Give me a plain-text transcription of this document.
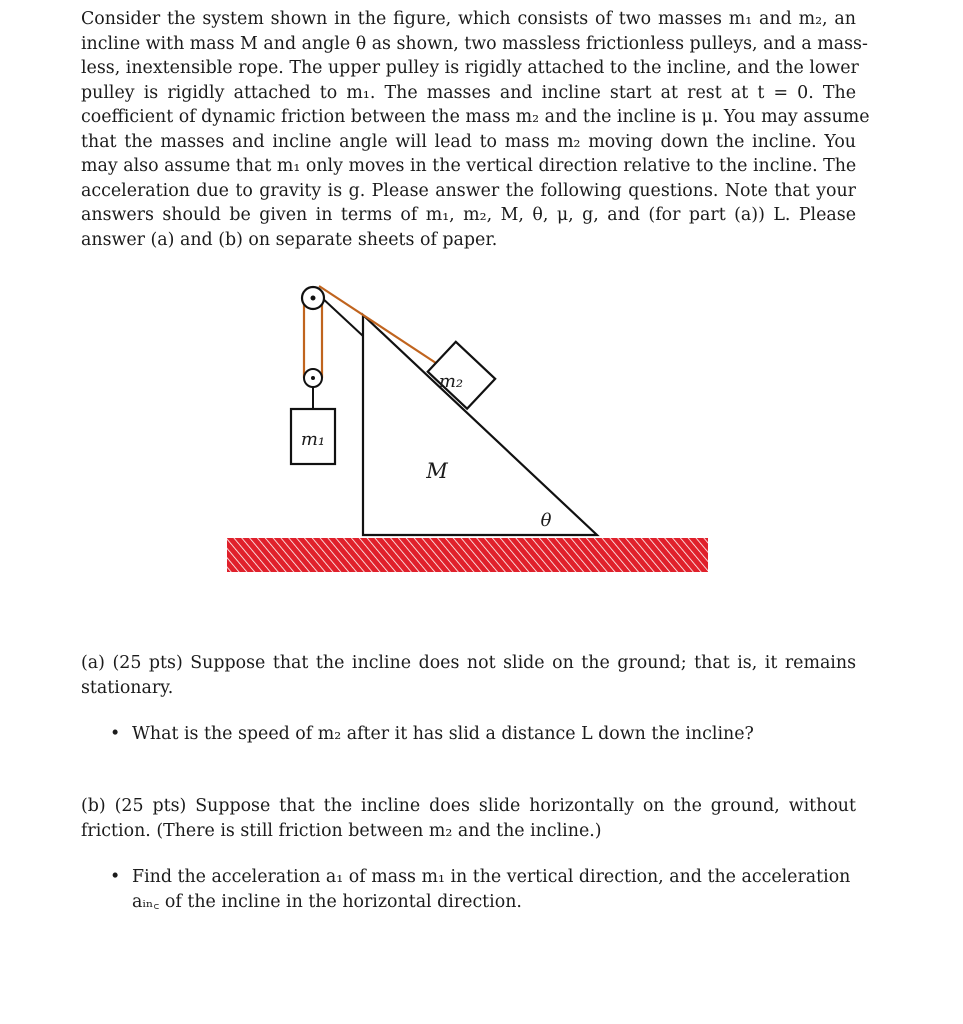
Consider the system shown in the figure, which consists of two masses m₁ and m₂, an
incline with mass M and angle θ as shown, two massless frictionless pulleys, and a mass-
less, inextensible rope. The upper pulley is rigidly attached to the incline, and the lower
pulley is rigidly attached to m₁. The masses and incline start at rest at t = 0. The
coefficient of dynamic friction between the mass m₂ and the incline is μ. You may assume
that the masses and incline angle will lead to mass m₂ moving down the incline. You
may also assume that m₁ only moves in the vertical direction relative to the incline. The
acceleration due to gravity is g. Please answer the following questions. Note that your
answers should be given in terms of m₁, m₂, M, θ, μ, g, and (for part (a)) L. Please
answer (a) and (b) on separate sheets of paper.
m₁
m₂
M
θ
(a) (25 pts) Suppose that the incline does not slide on the ground; that is, it remains
stationary.
• What is the speed of m₂ after it has slid a distance L down the incline?
(b) (25 pts) Suppose that the incline does slide horizontally on the ground, without
friction. (There is still friction between m₂ and the incline.)
• Find the acceleration a₁ of mass m₁ in the vertical direction, and the acceleration
aᵢₙ꜀ of the incline in the horizontal direction.
